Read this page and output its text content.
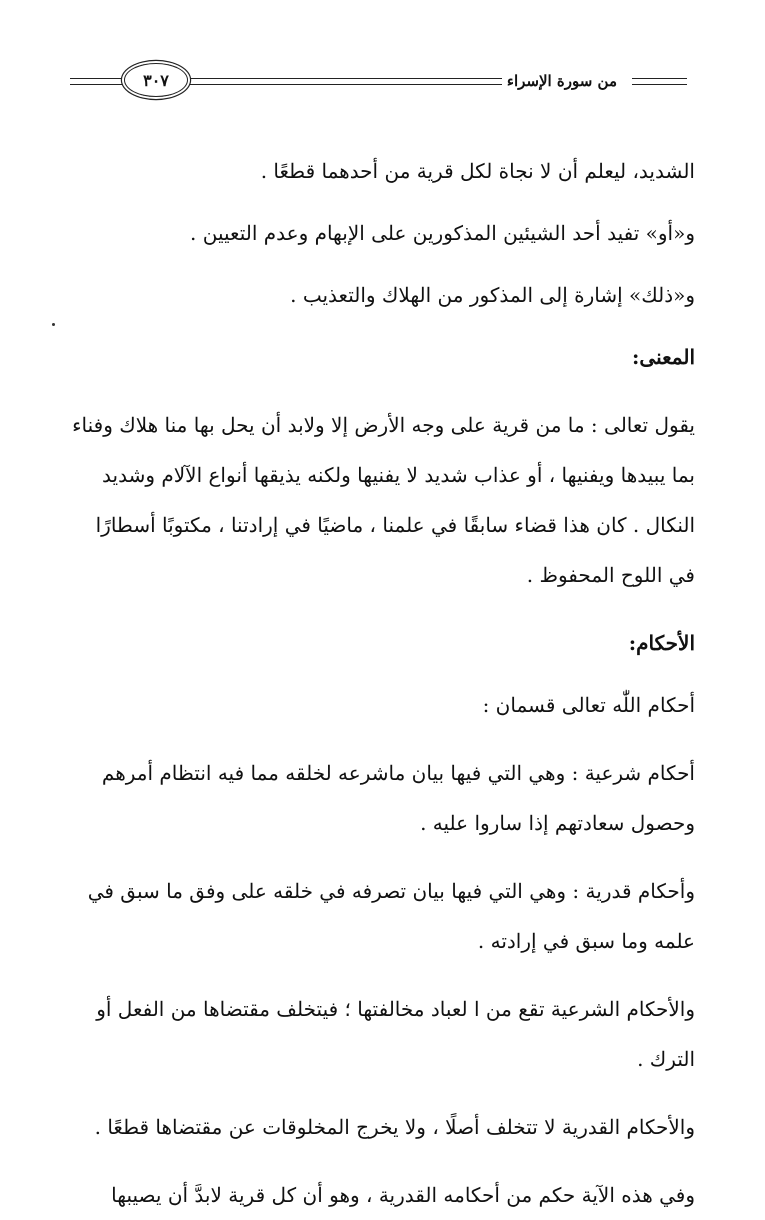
من سورة الإسراء
٣٠٧

الشديد، ليعلم أن لا نجاة لكل قرية من أحدهما قطعًا .

و«أو» تفيد أحد الشيئين المذكورين على الإبهام وعدم التعيين .

و«ذلك» إشارة إلى المذكور من الهلاك والتعذيب .

المعنى:

يقول تعالى : ما من قرية على وجه الأرض إلا ولابد أن يحل بها منا هلاك وفناء بما يبيدها ويفنيها ، أو عذاب شديد لا يفنيها ولكنه يذيقها أنواع الآلام وشديد النكال . كان هذا قضاء سابقًا في علمنا ، ماضيًا في إرادتنا ، مكتوبًا أسطارًا في اللوح المحفوظ .

الأحكام:

أحكام اللّٰه تعالى قسمان :

أحكام شرعية : وهي التي فيها بيان ماشرعه لخلقه مما فيه انتظام أمرهم وحصول سعادتهم إذا ساروا عليه .

وأحكام قدرية : وهي التي فيها بيان تصرفه في خلقه على وفق ما سبق في علمه وما سبق في إرادته .

والأحكام الشرعية تقع من ا لعباد مخالفتها ؛ فيتخلف مقتضاها من الفعل أو الترك .

والأحكام القدرية لا تتخلف أصلًا ، ولا يخرج المخلوقات عن مقتضاها قطعًا .

وفي هذه الآية حكم من أحكامه القدرية ، وهو أن كل قرية لابدَّ أن يصيبها
